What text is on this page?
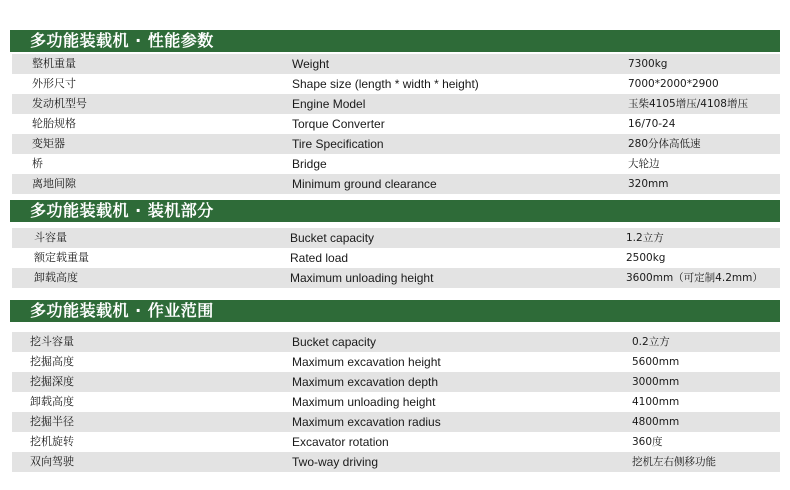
多功能装载机 · 性能参数
整机重量	Weight	7300kg
外形尺寸	Shape size (length * width * height)	7000*2000*2900
发动机型号	Engine Model	玉柴4105增压/4108增压
轮胎规格	Torque Converter	16/70-24
变矩器	Tire Specification	280分体高低速
桥	Bridge	大轮边
离地间隙	Minimum ground clearance	320mm
多功能装载机 · 装机部分
斗容量	Bucket capacity	1.2立方
额定载重量	Rated load	2500kg
卸载高度	Maximum unloading height	3600mm（可定制4.2mm）
多功能装载机 · 作业范围
挖斗容量	Bucket capacity	0.2立方
挖掘高度	Maximum excavation height	5600mm
挖掘深度	Maximum excavation depth	3000mm
卸载高度	Maximum unloading height	4100mm
挖掘半径	Maximum excavation radius	4800mm
挖机旋转	Excavator rotation	360度
双向驾驶	Two-way driving	挖机左右侧移功能
